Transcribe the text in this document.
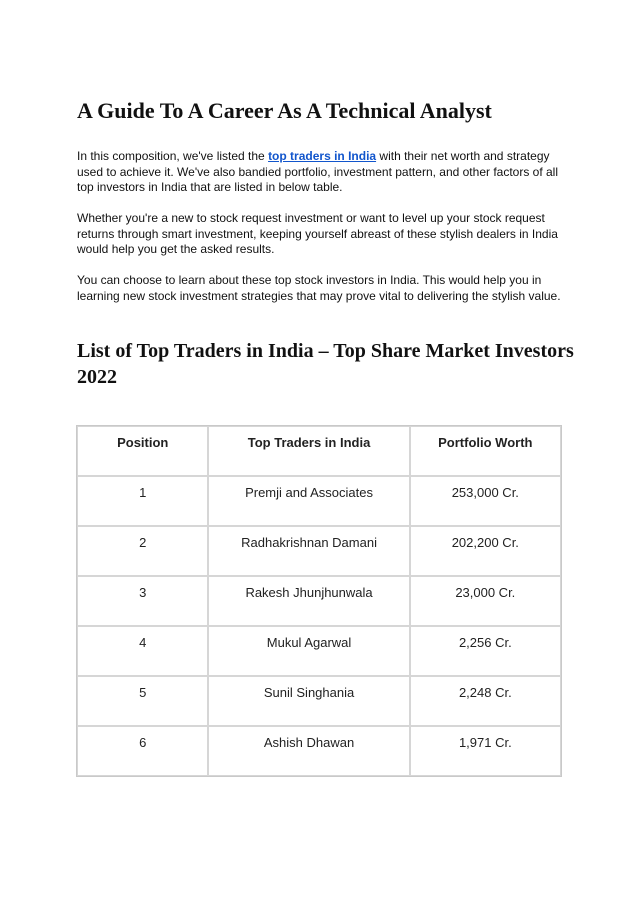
A Guide To A Career As A Technical Analyst

In this composition, we've listed the top traders in India with their net worth and strategy used to achieve it. We've also bandied portfolio, investment pattern, and other factors of all top investors in India that are listed in below table.

Whether you're a new to stock request investment or want to level up your stock request returns through smart investment, keeping yourself abreast of these stylish dealers in India would help you get the asked results.

You can choose to learn about these top stock investors in India. This would help you in learning new stock investment strategies that may prove vital to delivering the stylish value.

List of Top Traders in India – Top Share Market Investors 2022
Position	Top Traders in India	Portfolio Worth
1	Premji and Associates	253,000 Cr.
2	Radhakrishnan Damani	202,200 Cr.
3	Rakesh Jhunjhunwala	23,000 Cr.
4	Mukul Agarwal	2,256 Cr.
5	Sunil Singhania	2,248 Cr.
6	Ashish Dhawan	1,971 Cr.
